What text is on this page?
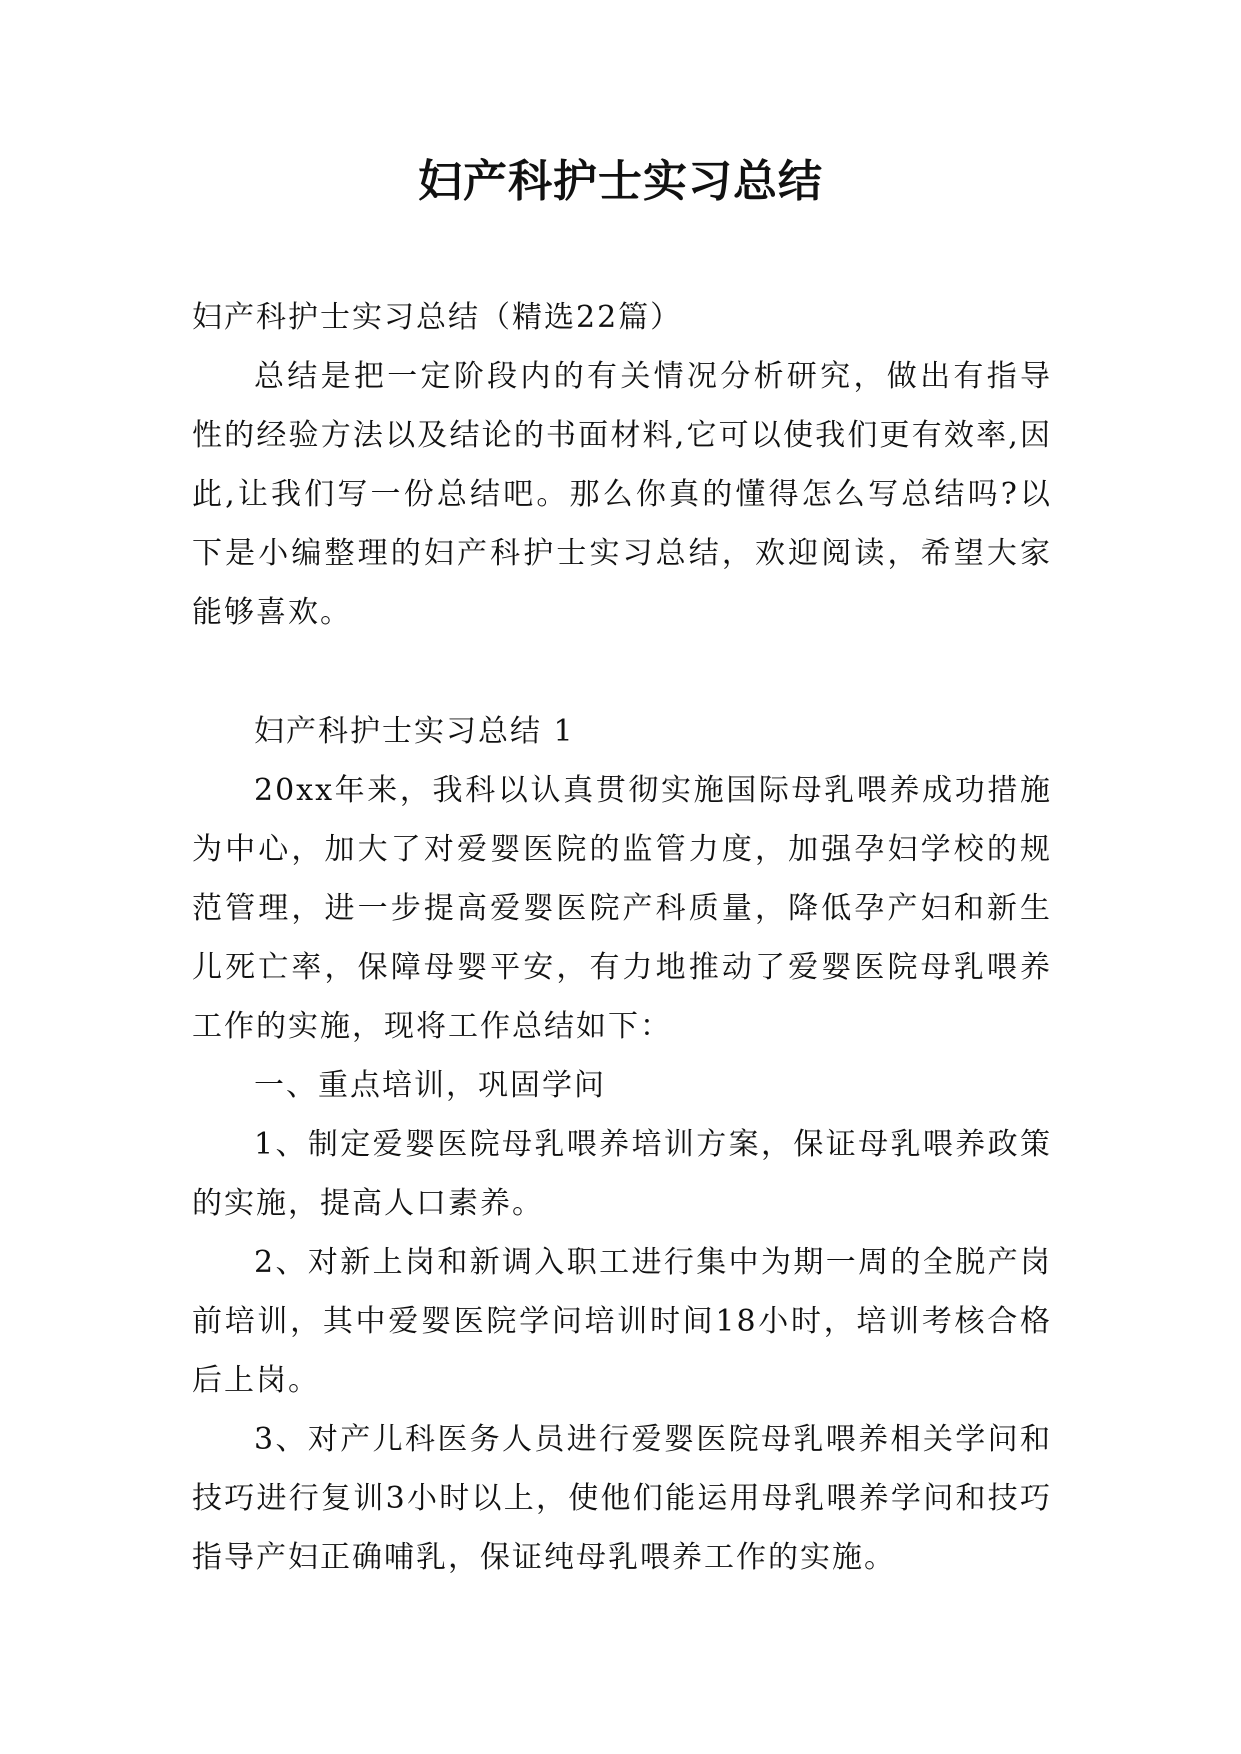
妇产科护士实习总结

妇产科护士实习总结（精选22篇）

总结是把一定阶段内的有关情况分析研究，做出有指导性的经验方法以及结论的书面材料,它可以使我们更有效率,因此,让我们写一份总结吧。那么你真的懂得怎么写总结吗?以下是小编整理的妇产科护士实习总结，欢迎阅读，希望大家能够喜欢。

妇产科护士实习总结 1

20xx年来，我科以认真贯彻实施国际母乳喂养成功措施为中心，加大了对爱婴医院的监管力度，加强孕妇学校的规范管理，进一步提高爱婴医院产科质量，降低孕产妇和新生儿死亡率，保障母婴平安，有力地推动了爱婴医院母乳喂养工作的实施，现将工作总结如下：

一、重点培训，巩固学问

1、制定爱婴医院母乳喂养培训方案，保证母乳喂养政策的实施，提高人口素养。

2、对新上岗和新调入职工进行集中为期一周的全脱产岗前培训，其中爱婴医院学问培训时间18小时，培训考核合格后上岗。

3、对产儿科医务人员进行爱婴医院母乳喂养相关学问和技巧进行复训3小时以上，使他们能运用母乳喂养学问和技巧指导产妇正确哺乳，保证纯母乳喂养工作的实施。
